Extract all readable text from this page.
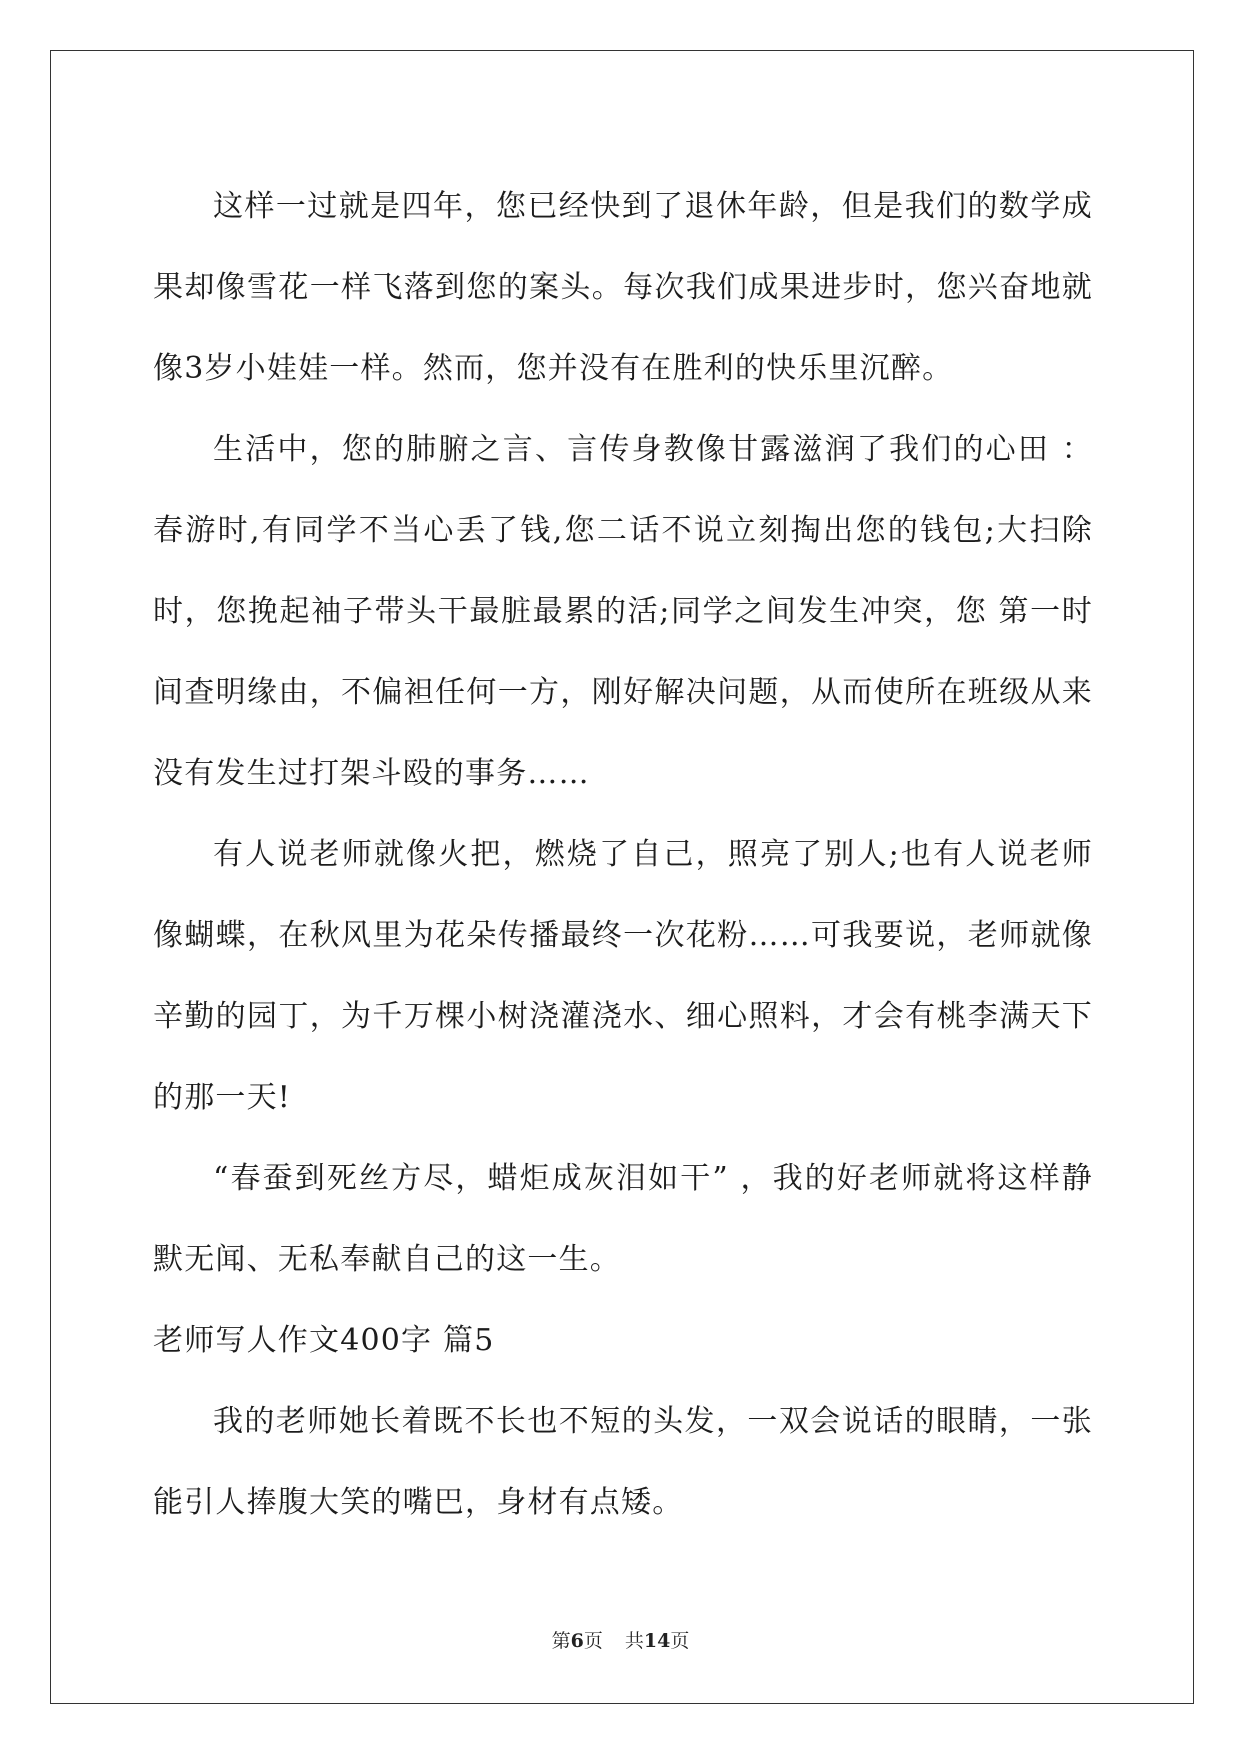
这样一过就是四年，您已经快到了退休年龄，但是我们的数学成果却像雪花一样飞落到您的案头。每次我们成果进步时，您兴奋地就像3岁小娃娃一样。然而，您并没有在胜利的快乐里沉醉。

生活中，您的肺腑之言、言传身教像甘露滋润了我们的心田 ：春游时,有同学不当心丢了钱,您二话不说立刻掏出您的钱包;大扫除时，您挽起袖子带头干最脏最累的活;同学之间发生冲突，您 第一时间查明缘由，不偏袒任何一方，刚好解决问题，从而使所在班级从来没有发生过打架斗殴的事务……

有人说老师就像火把，燃烧了自己，照亮了别人;也有人说老师像蝴蝶，在秋风里为花朵传播最终一次花粉……可我要说，老师就像辛勤的园丁，为千万棵小树浇灌浇水、细心照料，才会有桃李满天下的那一天!

“春蚕到死丝方尽，蜡炬成灰泪如干” ，我的好老师就将这样静默无闻、无私奉献自己的这一生。

老师写人作文400字 篇5

我的老师她长着既不长也不短的头发，一双会说话的眼睛，一张能引人捧腹大笑的嘴巴，身材有点矮。

第6页 共14页
